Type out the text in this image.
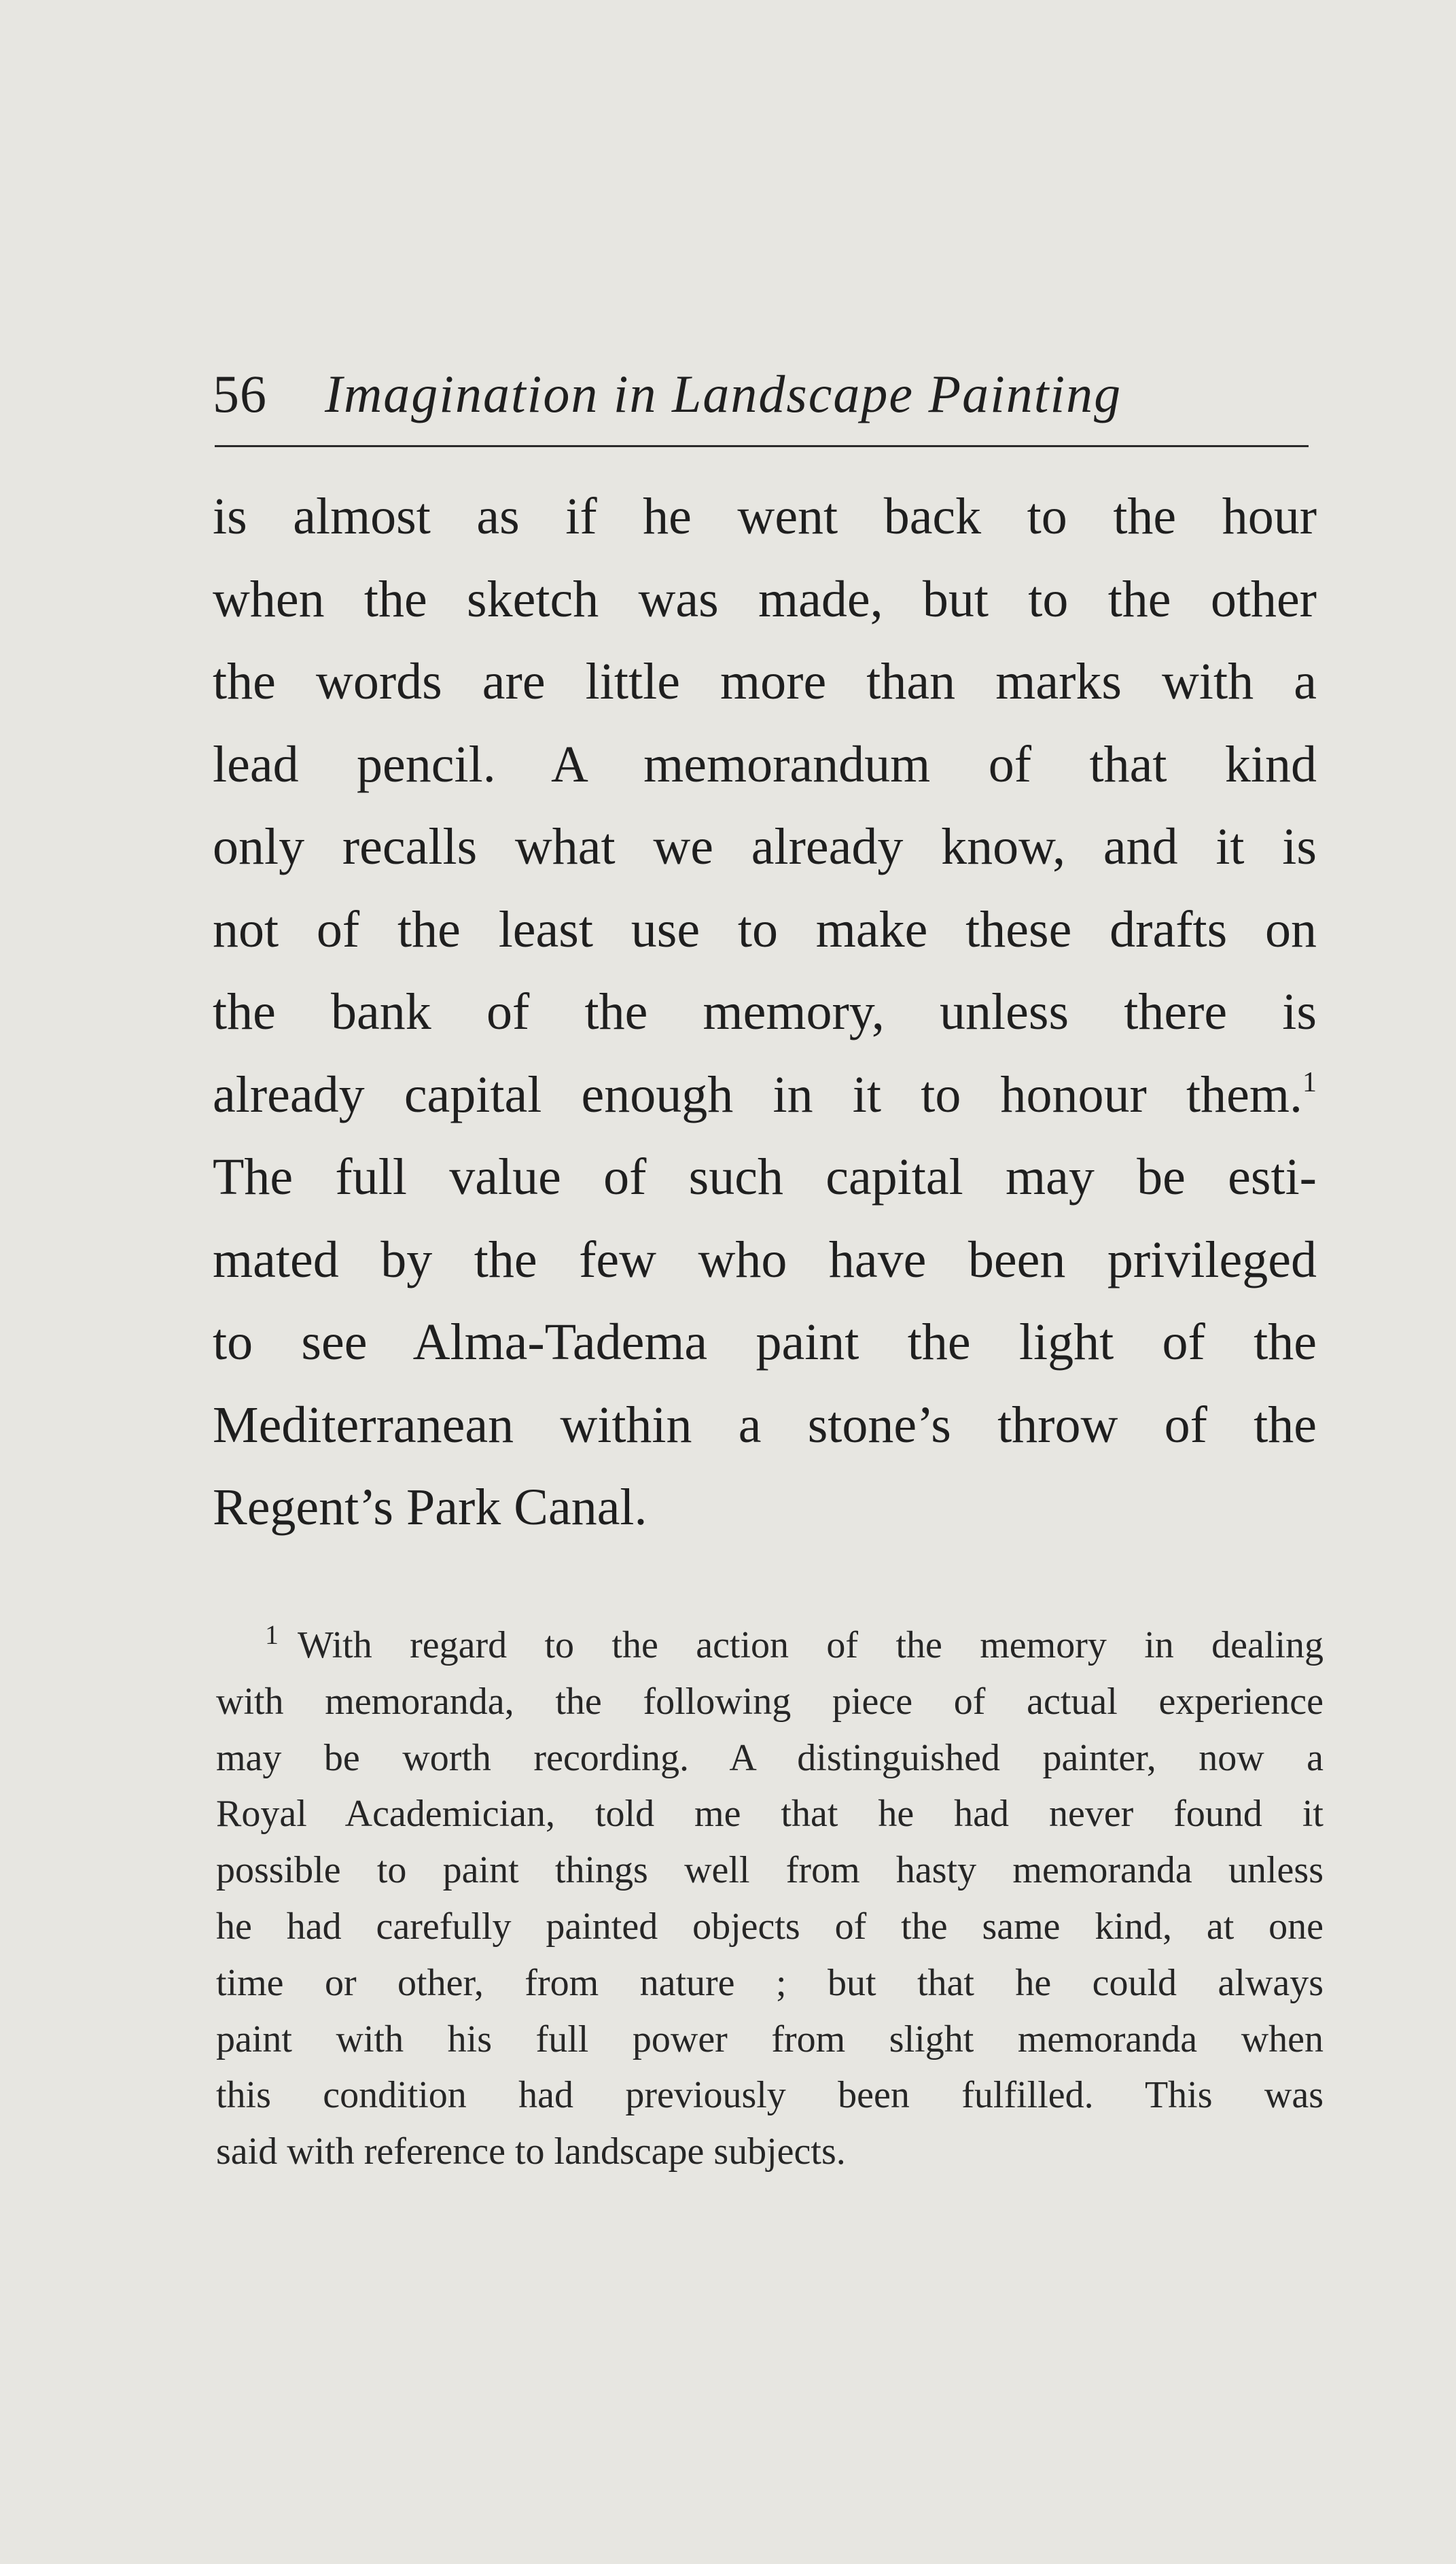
56 Imagination in Landscape Painting
is almost as if he went back to the hour
when the sketch was made, but to the other
the words are little more than marks with a
lead pencil. A memorandum of that kind
only recalls what we already know, and it is
not of the least use to make these drafts on
the bank of the memory, unless there is
already capital enough in it to honour them.$^1$
The full value of such capital may be esti-
mated by the few who have been privileged
to see Alma-Tadema paint the light of the
Mediterranean within a stone’s throw of the
Regent’s Park Canal.
$^1$ With regard to the action of the memory in dealing
with memoranda, the following piece of actual experience
may be worth recording. A distinguished painter, now a
Royal Academician, told me that he had never found it
possible to paint things well from hasty memoranda unless
he had carefully painted objects of the same kind, at one
time or other, from nature ; but that he could always
paint with his full power from slight memoranda when
this condition had previously been fulfilled. This was
said with reference to landscape subjects.
